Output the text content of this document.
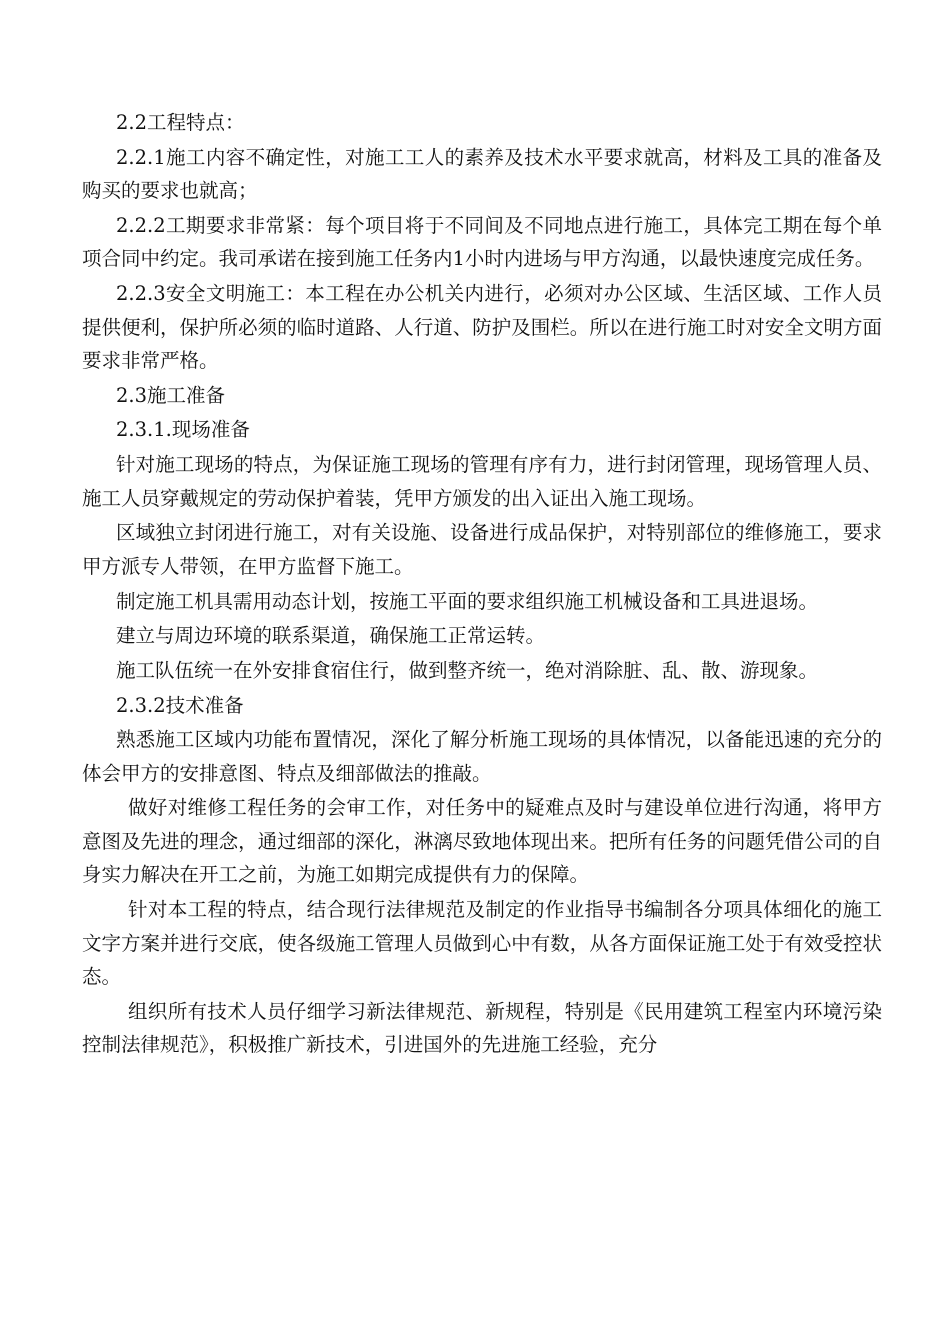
2.2工程特点：

2.2.1施工内容不确定性，对施工工人的素养及技术水平要求就高，材料及工具的准备及购买的要求也就高；

2.2.2工期要求非常紧：每个项目将于不同间及不同地点进行施工，具体完工期在每个单项合同中约定。我司承诺在接到施工任务内1小时内进场与甲方沟通，以最快速度完成任务。

2.2.3安全文明施工：本工程在办公机关内进行，必须对办公区域、生活区域、工作人员提供便利，保护所必须的临时道路、人行道、防护及围栏。所以在进行施工时对安全文明方面要求非常严格。

2.3施工准备

2.3.1.现场准备

针对施工现场的特点，为保证施工现场的管理有序有力，进行封闭管理，现场管理人员、施工人员穿戴规定的劳动保护着装，凭甲方颁发的出入证出入施工现场。

区域独立封闭进行施工，对有关设施、设备进行成品保护，对特别部位的维修施工，要求甲方派专人带领，在甲方监督下施工。

制定施工机具需用动态计划，按施工平面的要求组织施工机械设备和工具进退场。

建立与周边环境的联系渠道，确保施工正常运转。

施工队伍统一在外安排食宿住行，做到整齐统一，绝对消除脏、乱、散、游现象。

2.3.2技术准备

熟悉施工区域内功能布置情况，深化了解分析施工现场的具体情况，以备能迅速的充分的体会甲方的安排意图、特点及细部做法的推敲。

做好对维修工程任务的会审工作，对任务中的疑难点及时与建设单位进行沟通，将甲方意图及先进的理念，通过细部的深化，淋漓尽致地体现出来。把所有任务的问题凭借公司的自身实力解决在开工之前，为施工如期完成提供有力的保障。

针对本工程的特点，结合现行法律规范及制定的作业指导书编制各分项具体细化的施工文字方案并进行交底，使各级施工管理人员做到心中有数，从各方面保证施工处于有效受控状态。

组织所有技术人员仔细学习新法律规范、新规程，特别是《民用建筑工程室内环境污染控制法律规范》，积极推广新技术，引进国外的先进施工经验，充分
